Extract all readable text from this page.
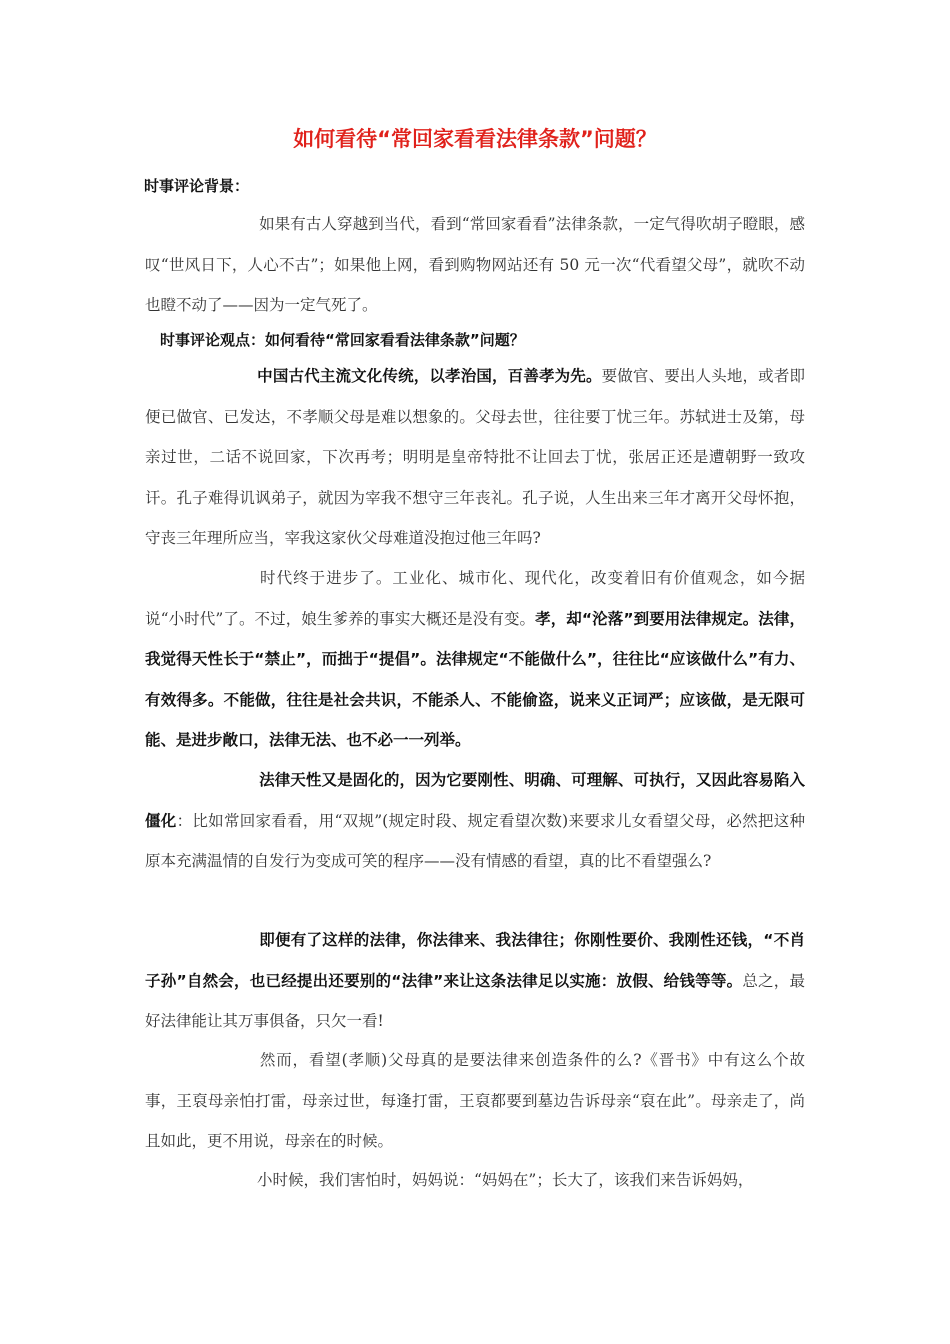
如何看待“常回家看看法律条款”问题？
时事评论背景：
如果有古人穿越到当代，看到“常回家看看”法律条款，一定气得吹胡子瞪眼，感叹“世风日下，人心不古”；如果他上网，看到购物网站还有 50 元一次“代看望父母”，就吹不动也瞪不动了——因为一定气死了。
时事评论观点：如何看待“常回家看看法律条款”问题？
中国古代主流文化传统，以孝治国，百善孝为先。要做官、要出人头地，或者即便已做官、已发达，不孝顺父母是难以想象的。父母去世，往往要丁忧三年。苏轼进士及第，母亲过世，二话不说回家，下次再考；明明是皇帝特批不让回去丁忧，张居正还是遭朝野一致攻讦。孔子难得讥讽弟子，就因为宰我不想守三年丧礼。孔子说，人生出来三年才离开父母怀抱，守丧三年理所应当，宰我这家伙父母难道没抱过他三年吗?
时代终于进步了。工业化、城市化、现代化，改变着旧有价值观念，如今据说“小时代”了。不过，娘生爹养的事实大概还是没有变。孝，却“沦落”到要用法律规定。法律，我觉得天性长于“禁止”，而拙于“提倡”。法律规定“不能做什么”，往往比“应该做什么”有力、有效得多。不能做，往往是社会共识，不能杀人、不能偷盗，说来义正词严；应该做，是无限可能、是进步敞口，法律无法、也不必一一列举。
法律天性又是固化的，因为它要刚性、明确、可理解、可执行，又因此容易陷入僵化：比如常回家看看，用“双规”(规定时段、规定看望次数)来要求儿女看望父母，必然把这种原本充满温情的自发行为变成可笑的程序——没有情感的看望，真的比不看望强么?
即便有了这样的法律，你法律来、我法律往；你刚性要价、我刚性还钱，“不肖子孙”自然会，也已经提出还要别的“法律”来让这条法律足以实施：放假、给钱等等。总之，最好法律能让其万事俱备，只欠一看!
然而，看望(孝顺)父母真的是要法律来创造条件的么?《晋书》中有这么个故事，王裒母亲怕打雷，母亲过世，每逢打雷，王裒都要到墓边告诉母亲“裒在此”。母亲走了，尚且如此，更不用说，母亲在的时候。
小时候，我们害怕时，妈妈说：“妈妈在”；长大了，该我们来告诉妈妈，
